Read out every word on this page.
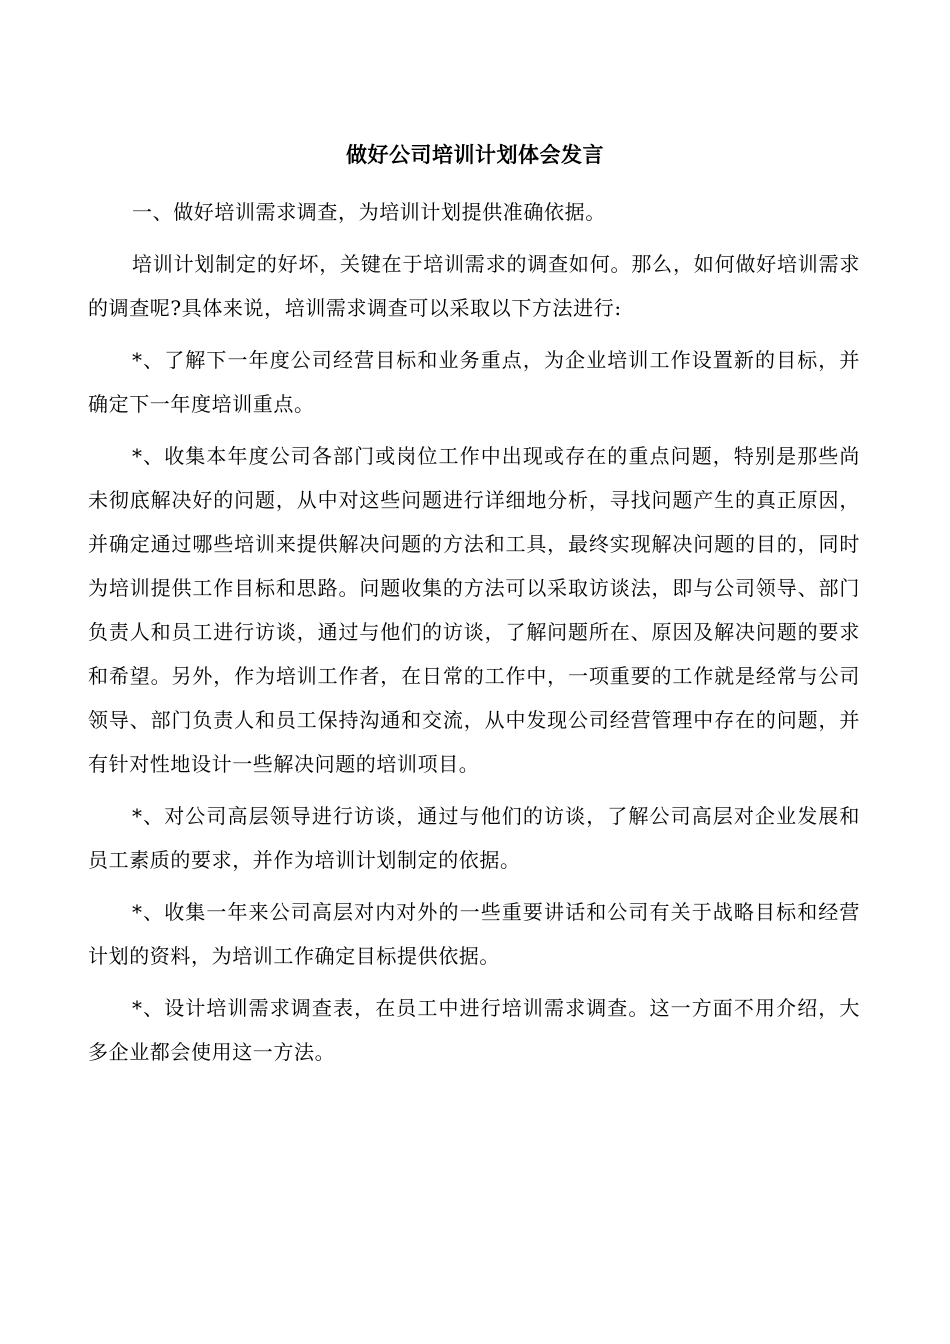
做好公司培训计划体会发言

一、做好培训需求调查，为培训计划提供准确依据。

培训计划制定的好坏，关键在于培训需求的调查如何。那么，如何做好培训需求的调查呢?具体来说，培训需求调查可以采取以下方法进行:

*、了解下一年度公司经营目标和业务重点，为企业培训工作设置新的目标，并确定下一年度培训重点。

*、收集本年度公司各部门或岗位工作中出现或存在的重点问题，特别是那些尚未彻底解决好的问题，从中对这些问题进行详细地分析，寻找问题产生的真正原因，并确定通过哪些培训来提供解决问题的方法和工具，最终实现解决问题的目的，同时为培训提供工作目标和思路。问题收集的方法可以采取访谈法，即与公司领导、部门负责人和员工进行访谈，通过与他们的访谈，了解问题所在、原因及解决问题的要求和希望。另外，作为培训工作者，在日常的工作中，一项重要的工作就是经常与公司领导、部门负责人和员工保持沟通和交流，从中发现公司经营管理中存在的问题，并有针对性地设计一些解决问题的培训项目。

*、对公司高层领导进行访谈，通过与他们的访谈，了解公司高层对企业发展和员工素质的要求，并作为培训计划制定的依据。

*、收集一年来公司高层对内对外的一些重要讲话和公司有关于战略目标和经营计划的资料，为培训工作确定目标提供依据。

*、设计培训需求调查表，在员工中进行培训需求调查。这一方面不用介绍，大多企业都会使用这一方法。
